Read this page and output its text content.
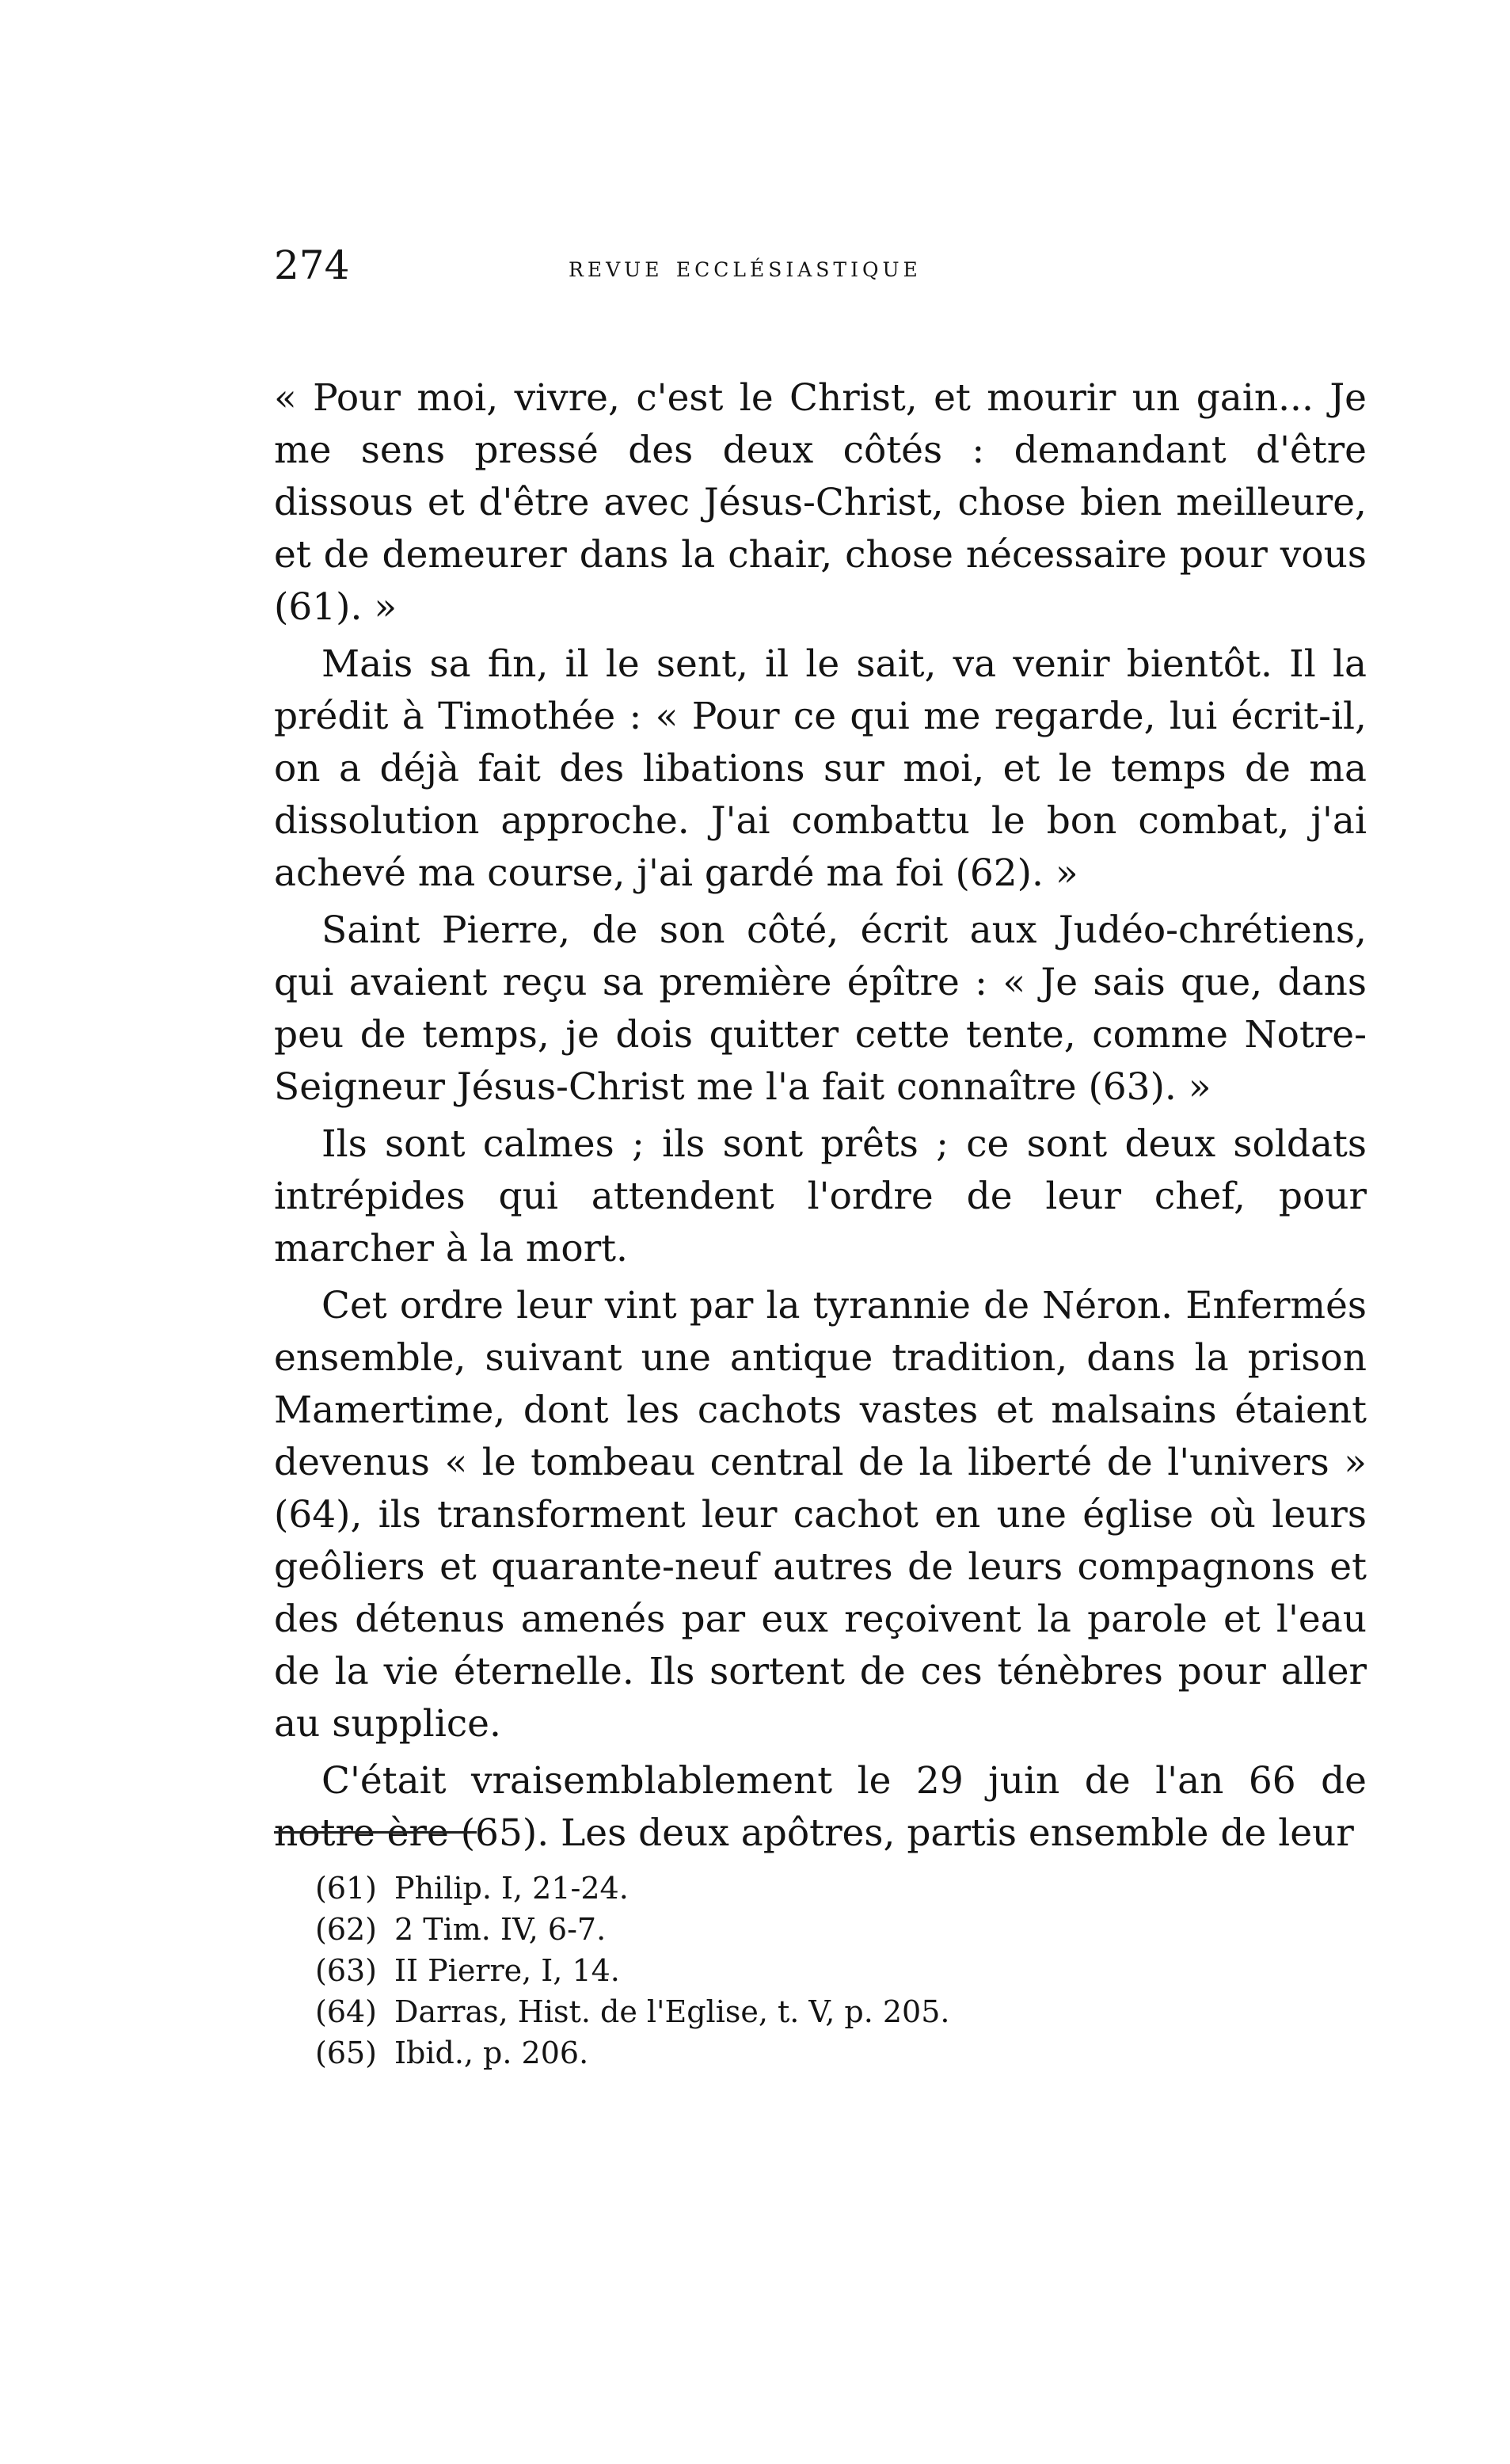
274	revue ecclésiastique

« Pour moi, vivre, c'est le Christ, et mourir un gain... Je me sens pressé des deux côtés : demandant d'être dissous et d'être avec Jésus-Christ, chose bien meilleure, et de demeurer dans la chair, chose nécessaire pour vous (61). »

Mais sa fin, il le sent, il le sait, va venir bientôt. Il la prédit à Timothée : « Pour ce qui me regarde, lui écrit-il, on a déjà fait des libations sur moi, et le temps de ma dissolution approche. J'ai combattu le bon combat, j'ai achevé ma course, j'ai gardé ma foi (62). »

Saint Pierre, de son côté, écrit aux Judéo-chrétiens, qui avaient reçu sa première épître : « Je sais que, dans peu de temps, je dois quitter cette tente, comme Notre-Seigneur Jésus-Christ me l'a fait connaître (63). »

Ils sont calmes ; ils sont prêts ; ce sont deux soldats intrépides qui attendent l'ordre de leur chef, pour marcher à la mort.

Cet ordre leur vint par la tyrannie de Néron. Enfermés ensemble, suivant une antique tradition, dans la prison Mamertime, dont les cachots vastes et malsains étaient devenus « le tombeau central de la liberté de l'univers » (64), ils transforment leur cachot en une église où leurs geôliers et quarante-neuf autres de leurs compagnons et des détenus amenés par eux reçoivent la parole et l'eau de la vie éternelle. Ils sortent de ces ténèbres pour aller au supplice.

C'était vraisemblablement le 29 juin de l'an 66 de notre ère (65). Les deux apôtres, partis ensemble de leur

(61) Philip. I, 21-24.
(62) 2 Tim. IV, 6-7.
(63) II Pierre, I, 14.
(64) Darras, Hist. de l'Eglise, t. V, p. 205.
(65) Ibid., p. 206.
